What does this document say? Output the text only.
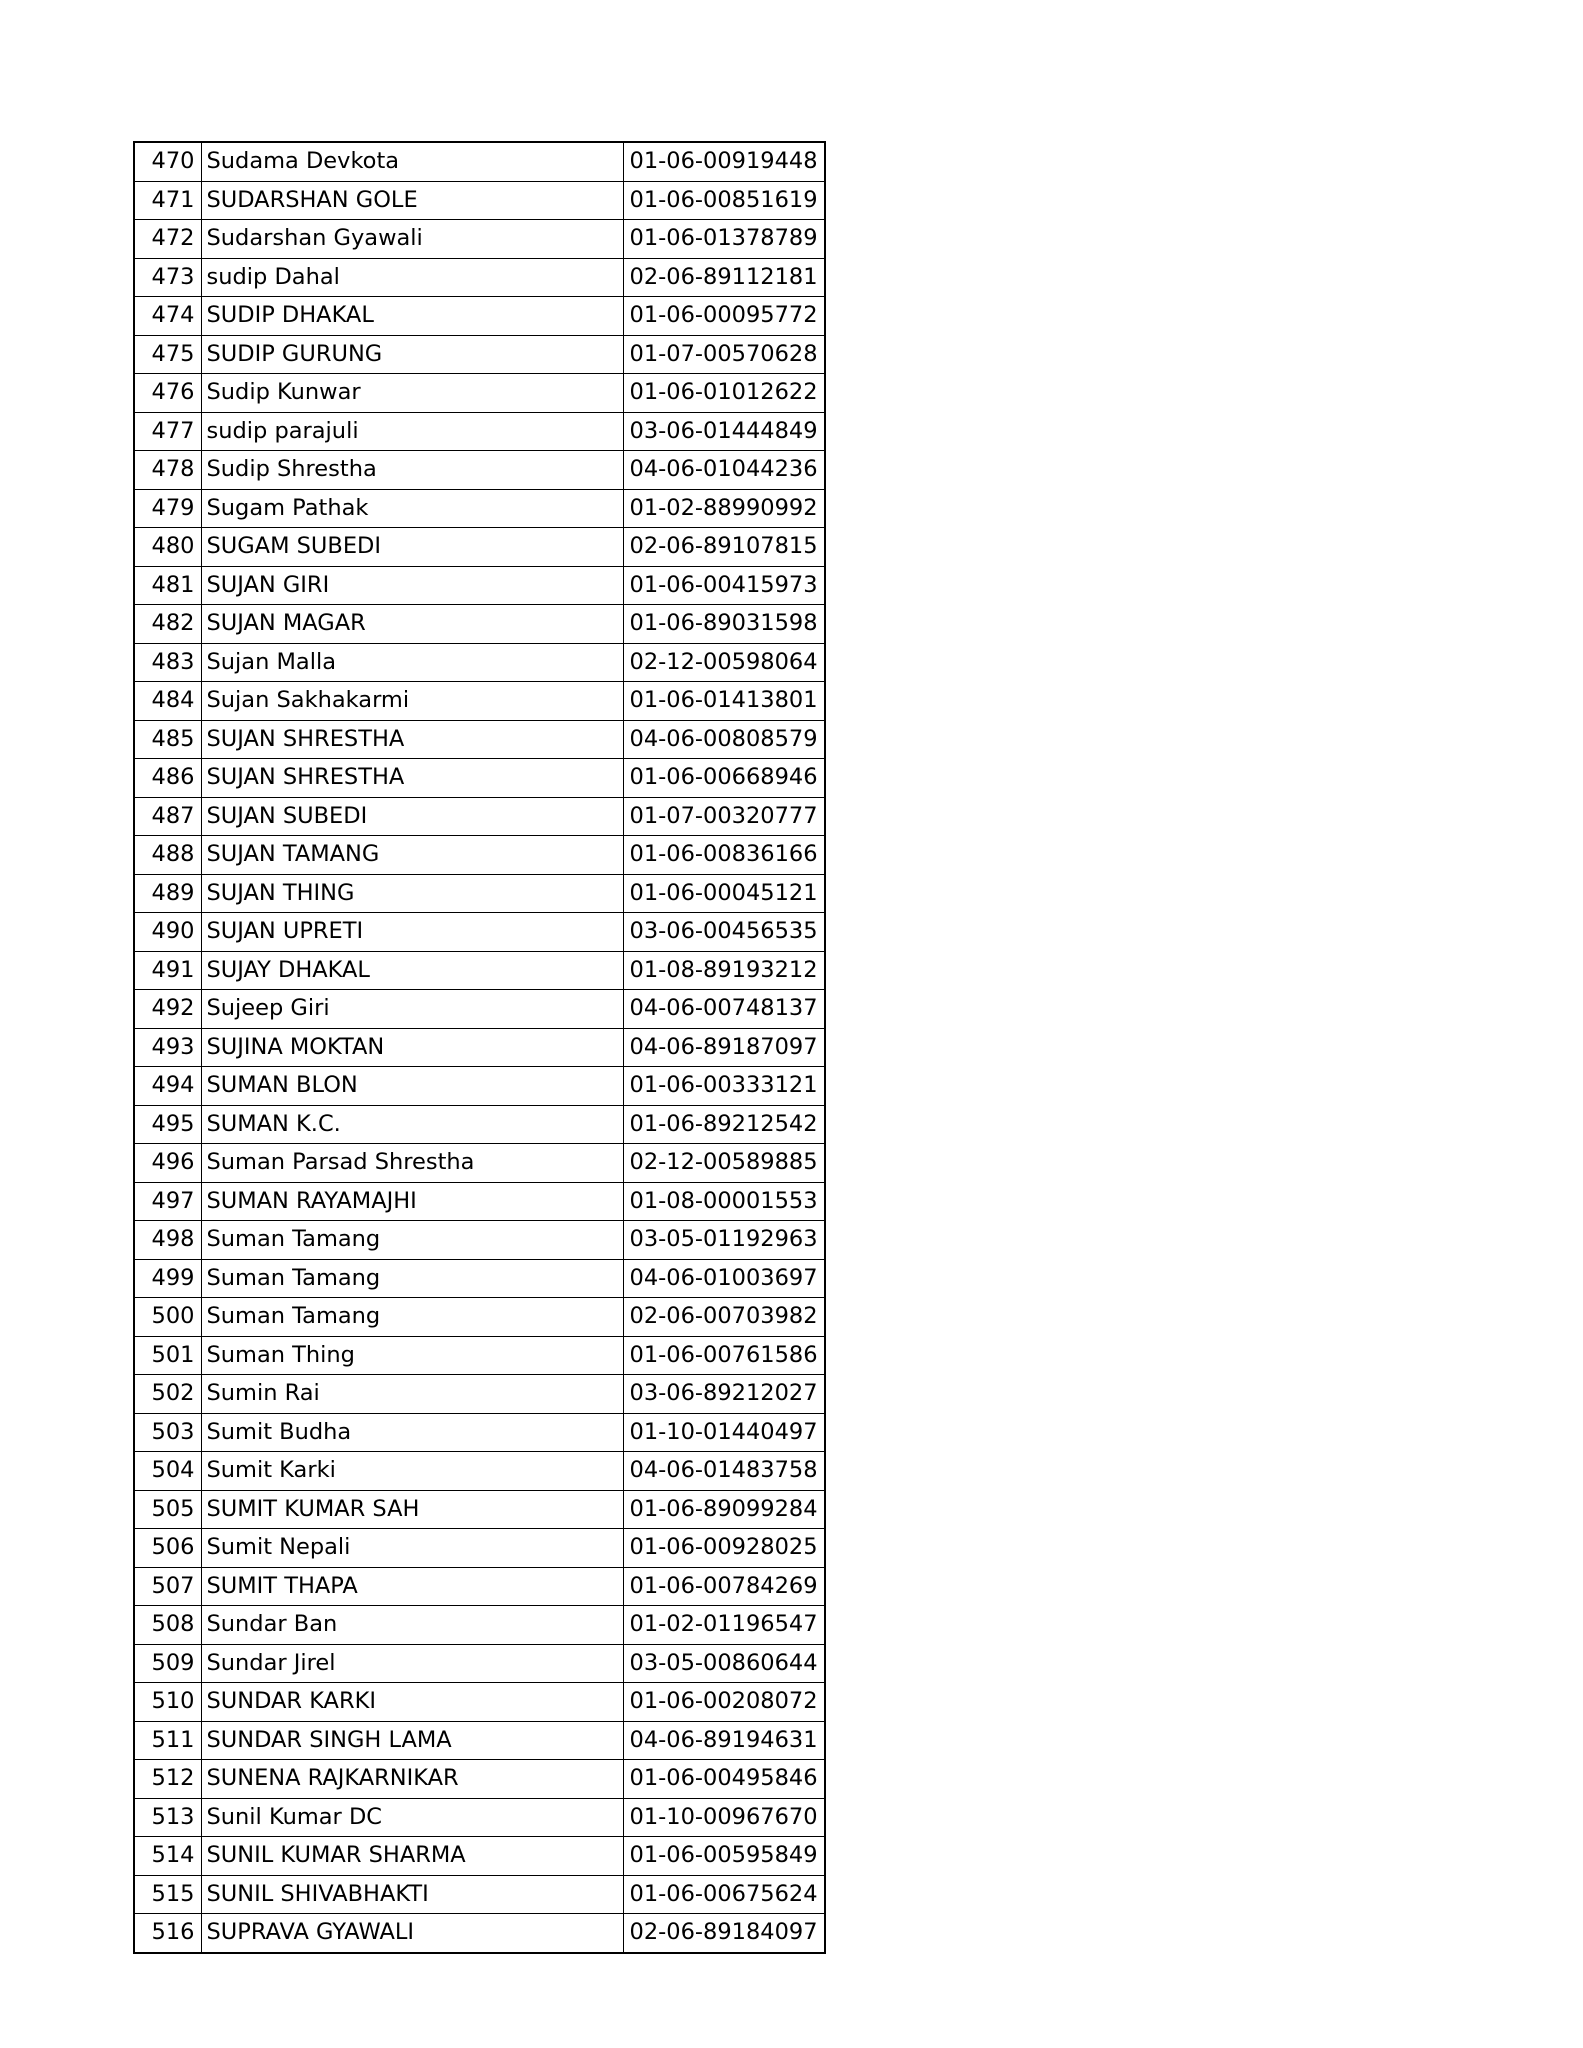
470	Sudama Devkota	01-06-00919448
471	SUDARSHAN GOLE	01-06-00851619
472	Sudarshan Gyawali	01-06-01378789
473	sudip Dahal	02-06-89112181
474	SUDIP DHAKAL	01-06-00095772
475	SUDIP GURUNG	01-07-00570628
476	Sudip Kunwar	01-06-01012622
477	sudip parajuli	03-06-01444849
478	Sudip Shrestha	04-06-01044236
479	Sugam Pathak	01-02-88990992
480	SUGAM SUBEDI	02-06-89107815
481	SUJAN GIRI	01-06-00415973
482	SUJAN MAGAR	01-06-89031598
483	Sujan Malla	02-12-00598064
484	Sujan Sakhakarmi	01-06-01413801
485	SUJAN SHRESTHA	04-06-00808579
486	SUJAN SHRESTHA	01-06-00668946
487	SUJAN SUBEDI	01-07-00320777
488	SUJAN TAMANG	01-06-00836166
489	SUJAN THING	01-06-00045121
490	SUJAN UPRETI	03-06-00456535
491	SUJAY DHAKAL	01-08-89193212
492	Sujeep Giri	04-06-00748137
493	SUJINA MOKTAN	04-06-89187097
494	SUMAN BLON	01-06-00333121
495	SUMAN K.C.	01-06-89212542
496	Suman Parsad Shrestha	02-12-00589885
497	SUMAN RAYAMAJHI	01-08-00001553
498	Suman Tamang	03-05-01192963
499	Suman Tamang	04-06-01003697
500	Suman Tamang	02-06-00703982
501	Suman Thing	01-06-00761586
502	Sumin Rai	03-06-89212027
503	Sumit Budha	01-10-01440497
504	Sumit Karki	04-06-01483758
505	SUMIT KUMAR SAH	01-06-89099284
506	Sumit Nepali	01-06-00928025
507	SUMIT THAPA	01-06-00784269
508	Sundar Ban	01-02-01196547
509	Sundar Jirel	03-05-00860644
510	SUNDAR KARKI	01-06-00208072
511	SUNDAR SINGH LAMA	04-06-89194631
512	SUNENA RAJKARNIKAR	01-06-00495846
513	Sunil Kumar DC	01-10-00967670
514	SUNIL KUMAR SHARMA	01-06-00595849
515	SUNIL SHIVABHAKTI	01-06-00675624
516	SUPRAVA GYAWALI	02-06-89184097
